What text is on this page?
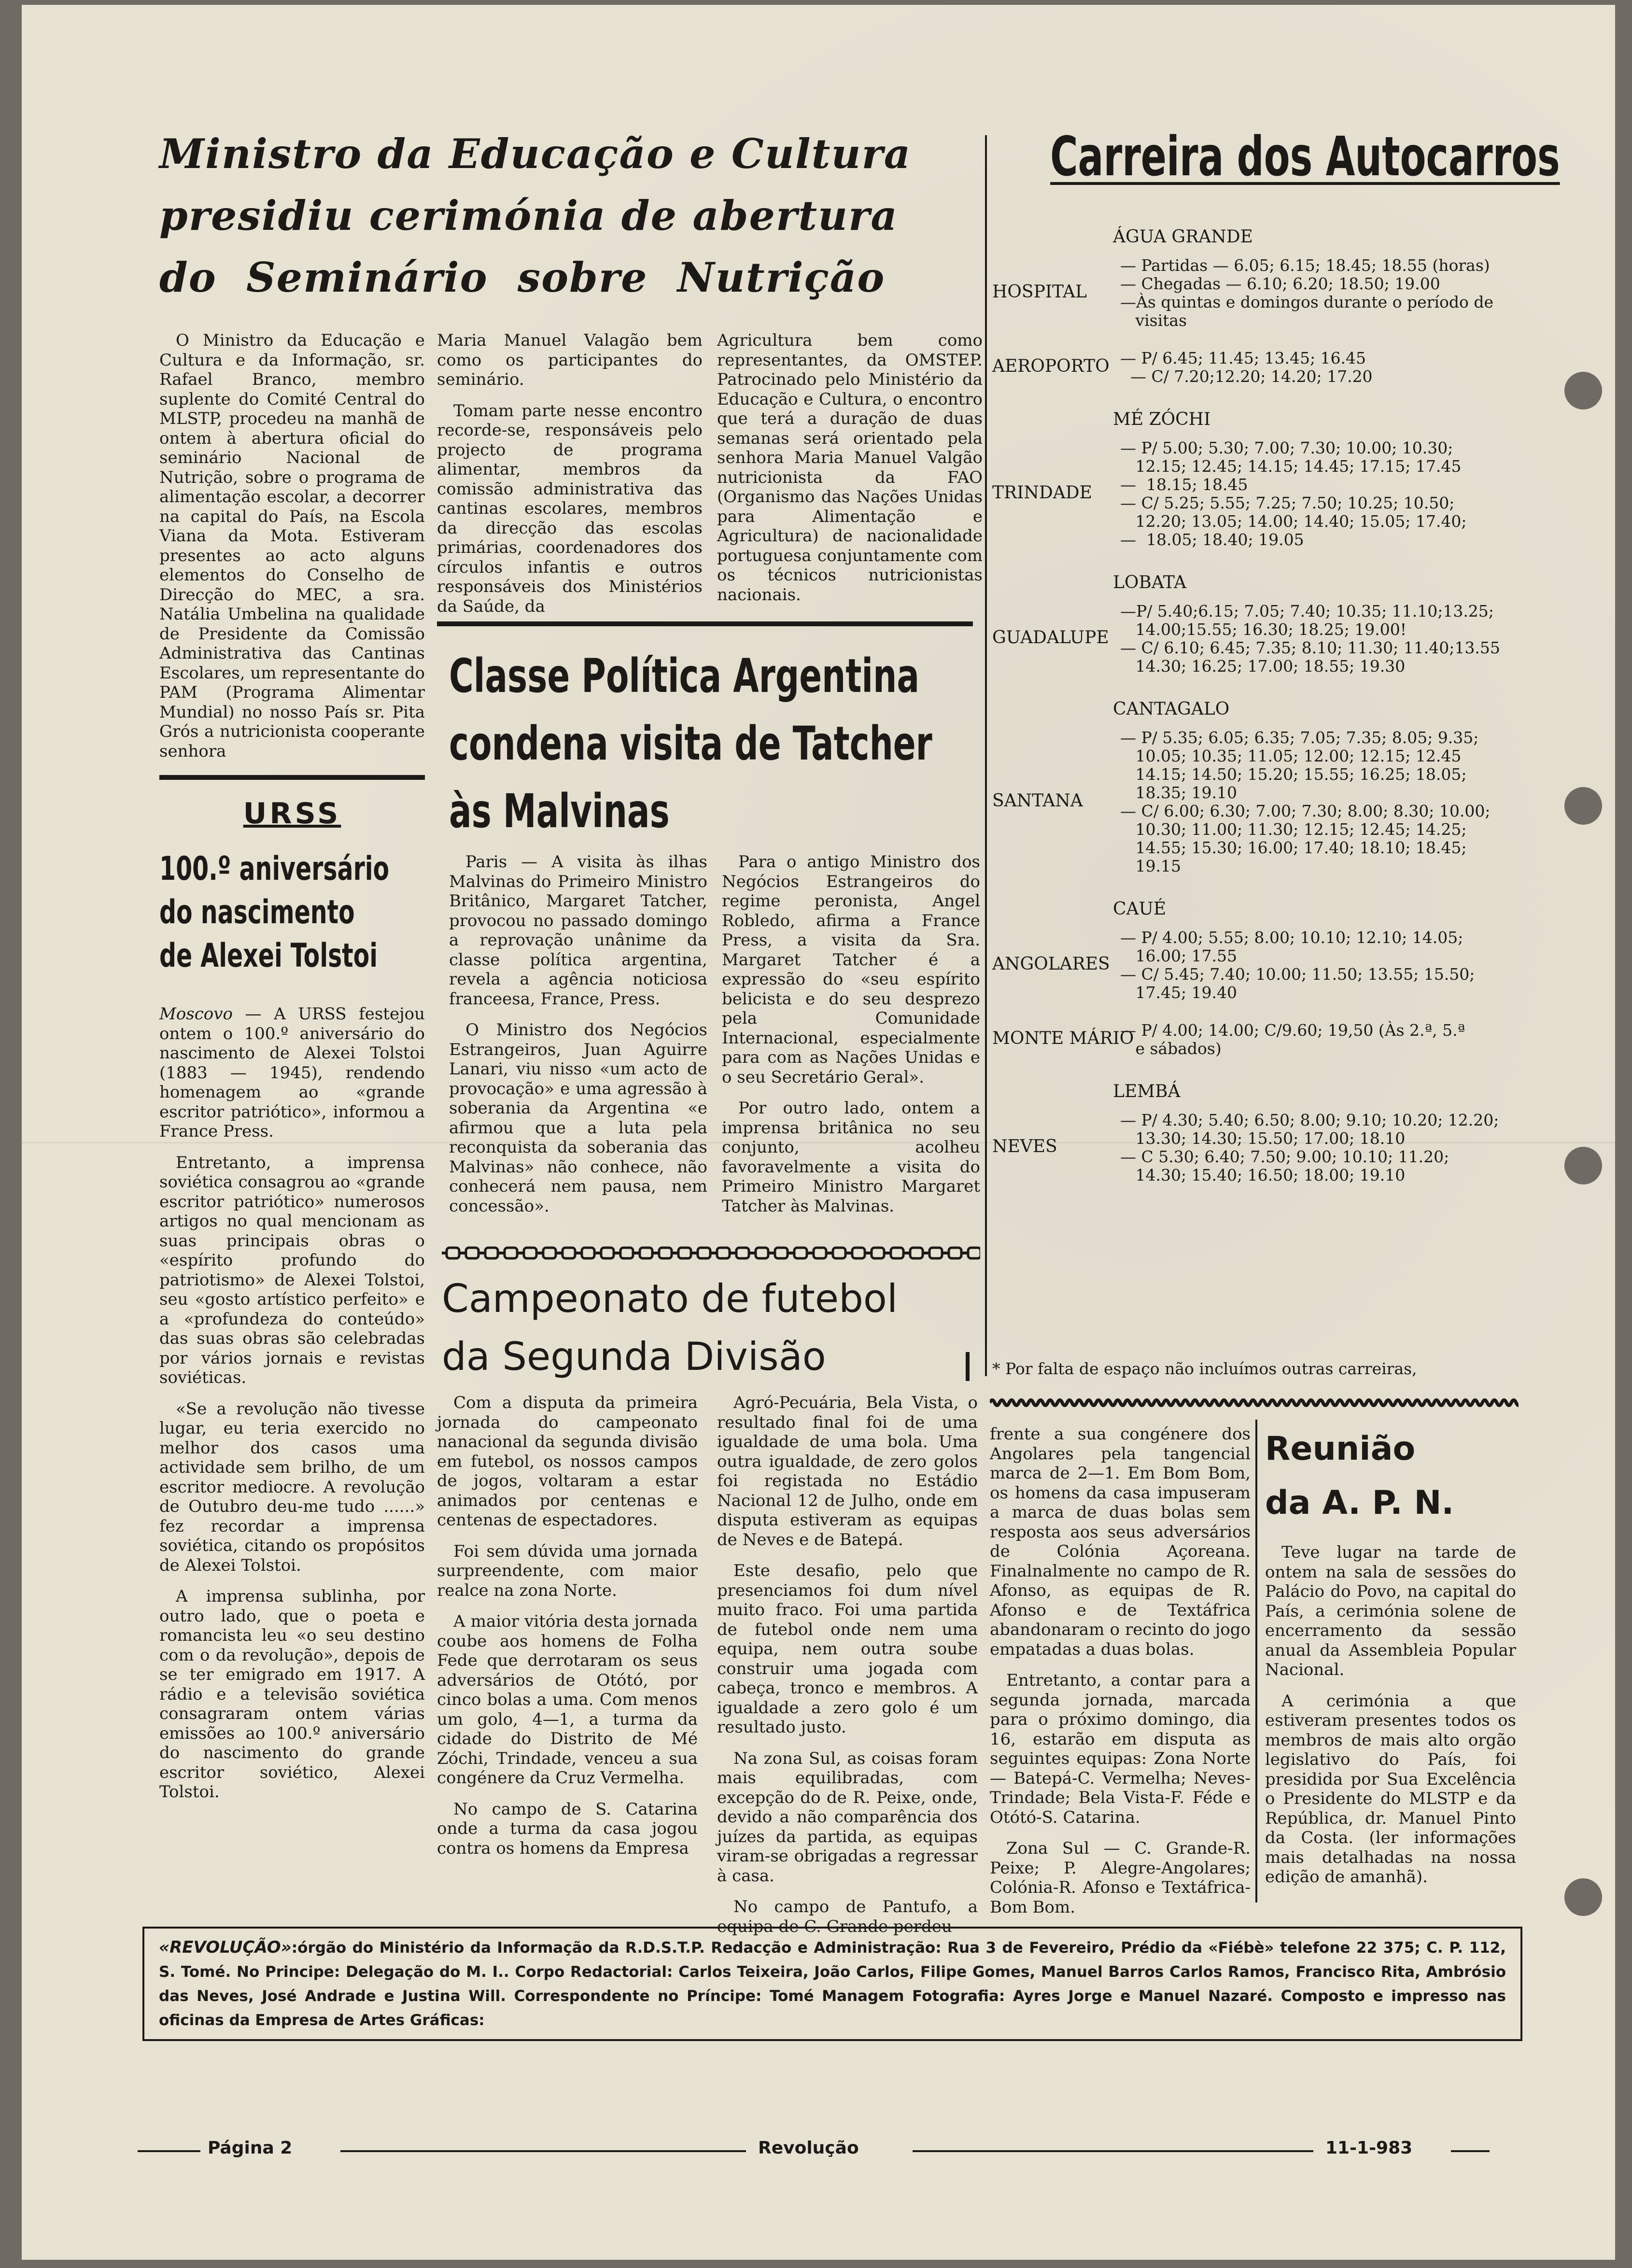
Ministro da Educação e Cultura
presidiu cerimónia de abertura
do Seminário sobre Nutrição

O Ministro da Educação e Cultura e da Informação, sr. Rafael Branco, membro suplente do Comité Central do MLSTP, procedeu na manhã de ontem à abertura oficial do seminário Nacional de Nutrição, sobre o programa de alimentação escolar, a decorrer na capital do País, na Escola Viana da Mota. Estiveram presentes ao acto alguns elementos do Conselho de Direcção do MEC, a sra. Natália Umbelina na qualidade de Presidente da Comissão Administrativa das Cantinas Escolares, um representante do PAM (Programa Alimentar Mundial) no nosso País sr. Pita Grós a nutricionista cooperante senhora

Maria Manuel Valagão bem como os participantes do seminário.

Tomam parte nesse encontro recorde-se, responsáveis pelo projecto de programa alimentar, membros da comissão administrativa das cantinas escolares, membros da direcção das escolas primárias, coordenadores dos círculos infantis e outros responsáveis dos Ministérios da Saúde, da

Agricultura bem como representantes, da OMSTEP. Patrocinado pelo Ministério da Educação e Cultura, o encontro que terá a duração de duas semanas será orientado pela senhora Maria Manuel Valgão nutricionista da FAO (Organismo das Nações Unidas para Alimentação e Agricultura) de nacionalidade portuguesa conjuntamente com os técnicos nutricionistas nacionais.

URSS
100.º aniversário
do nascimento
de Alexei Tolstoi

Moscovo — A URSS festejou ontem o 100.º aniversário do nascimento de Alexei Tolstoi (1883 — 1945), rendendo homenagem ao «grande escritor patriótico», informou a France Press.

Entretanto, a imprensa soviética consagrou ao «grande escritor patriótico» numerosos artigos no qual mencionam as suas principais obras o «espírito profundo do patriotismo» de Alexei Tolstoi, seu «gosto artístico perfeito» e a «profundeza do conteúdo» das suas obras são celebradas por vários jornais e revistas soviéticas.

«Se a revolução não tivesse lugar, eu teria exercido no melhor dos casos uma actividade sem brilho, de um escritor mediocre. A revolução de Outubro deu-me tudo ......» fez recordar a imprensa soviética, citando os propósitos de Alexei Tolstoi.

A imprensa sublinha, por outro lado, que o poeta e romancista leu «o seu destino com o da revolução», depois de se ter emigrado em 1917. A rádio e a televisão soviética consagraram ontem várias emissões ao 100.º aniversário do nascimento do grande escritor soviético, Alexei Tolstoi.

Classe Política Argentina
condena visita de Tatcher
às Malvinas

Paris — A visita às ilhas Malvinas do Primeiro Ministro Britânico, Margaret Tatcher, provocou no passado domingo a reprovação unânime da classe política argentina, revela a agência noticiosa franceesa, France, Press.

O Ministro dos Negócios Estrangeiros, Juan Aguirre Lanari, viu nisso «um acto de provocação» e uma agressão à soberania da Argentina «e afirmou que a luta pela reconquista da soberania das Malvinas» não conhece, não conhecerá nem pausa, nem concessão».

Para o antigo Ministro dos Negócios Estrangeiros do regime peronista, Angel Robledo, afirma a France Press, a visita da Sra. Margaret Tatcher é a expressão do «seu espírito belicista e do seu desprezo pela Comunidade Internacional, especialmente para com as Nações Unidas e o seu Secretário Geral».

Por outro lado, ontem a imprensa britânica no seu conjunto, acolheu favoravelmente a visita do Primeiro Ministro Margaret Tatcher às Malvinas.

Campeonato de futebol
da Segunda Divisão

Com a disputa da primeira jornada do campeonato nanacional da segunda divisão em futebol, os nossos campos de jogos, voltaram a estar animados por centenas e centenas de espectadores.

Foi sem dúvida uma jornada surpreendente, com maior realce na zona Norte.

A maior vitória desta jornada coube aos homens de Folha Fede que derrotaram os seus adversários de Otótó, por cinco bolas a uma. Com menos um golo, 4—1, a turma da cidade do Distrito de Mé Zóchi, Trindade, venceu a sua congénere da Cruz Vermelha.

No campo de S. Catarina onde a turma da casa jogou contra os homens da Empresa

Agró-Pecuária, Bela Vista, o resultado final foi de uma igualdade de uma bola. Uma outra igualdade, de zero golos foi registada no Estádio Nacional 12 de Julho, onde em disputa estiveram as equipas de Neves e de Batepá.

Este desafio, pelo que presenciamos foi dum nível muito fraco. Foi uma partida de futebol onde nem uma equipa, nem outra soube construir uma jogada com cabeça, tronco e membros. A igualdade a zero golo é um resultado justo.

Na zona Sul, as coisas foram mais equilibradas, com excepção do de R. Peixe, onde, devido a não comparência dos juízes da partida, as equipas viram-se obrigadas a regressar à casa.

No campo de Pantufo, a equipa de C. Grande perdeu

frente a sua congénere dos Angolares pela tangencial marca de 2—1. Em Bom Bom, os homens da casa impuseram a marca de duas bolas sem resposta aos seus adversários de Colónia Açoreana. Finalnalmente no campo de R. Afonso, as equipas de R. Afonso e de Textáfrica abandonaram o recinto do jogo empatadas a duas bolas.

Entretanto, a contar para a segunda jornada, marcada para o próximo domingo, dia 16, estarão em disputa as seguintes equipas: Zona Norte — Batepá-C. Vermelha; Neves-Trindade; Bela Vista-F. Féde e Otótó-S. Catarina.

Zona Sul — C. Grande-R. Peixe; P. Alegre-Angolares; Colónia-R. Afonso e Textáfrica-Bom Bom.

Carreira dos Autocarros
ÁGUA GRANDE
HOSPITAL
— Partidas — 6.05; 6.15; 18.45; 18.55 (horas)
— Chegadas — 6.10; 6.20; 18.50; 19.00
—Às quintas e domingos durante o período de
visitas
AEROPORTO — P/ 6.45; 11.45; 13.45; 16.45
— C/ 7.20;12.20; 14.20; 17.20
MÉ ZÓCHI
TRINDADE
— P/ 5.00; 5.30; 7.00; 7.30; 10.00; 10.30;
12.15; 12.45; 14.15; 14.45; 17.15; 17.45
—  18.15; 18.45
— C/ 5.25; 5.55; 7.25; 7.50; 10.25; 10.50;
12.20; 13.05; 14.00; 14.40; 15.05; 17.40;
—  18.05; 18.40; 19.05
LOBATA
GUADALUPE
—P/ 5.40;6.15; 7.05; 7.40; 10.35; 11.10;13.25;
14.00;15.55; 16.30; 18.25; 19.00!
— C/ 6.10; 6.45; 7.35; 8.10; 11.30; 11.40;13.55
14.30; 16.25; 17.00; 18.55; 19.30
CANTAGALO
SANTANA
— P/ 5.35; 6.05; 6.35; 7.05; 7.35; 8.05; 9.35;
10.05; 10.35; 11.05; 12.00; 12.15; 12.45
14.15; 14.50; 15.20; 15.55; 16.25; 18.05;
18.35; 19.10
— C/ 6.00; 6.30; 7.00; 7.30; 8.00; 8.30; 10.00;
10.30; 11.00; 11.30; 12.15; 12.45; 14.25;
14.55; 15.30; 16.00; 17.40; 18.10; 18.45;
19.15
CAUÉ
ANGOLARES
— P/ 4.00; 5.55; 8.00; 10.10; 12.10; 14.05;
16.00; 17.55
— C/ 5.45; 7.40; 10.00; 11.50; 13.55; 15.50;
17.45; 19.40
MONTE MÁRIO
— P/ 4.00; 14.00; C/9.60; 19,50 (Às 2.ª, 5.ª
e sábados)
LEMBÁ
NEVES
— P/ 4.30; 5.40; 6.50; 8.00; 9.10; 10.20; 12.20;
13.30; 14.30; 15.50; 17.00; 18.10
— C 5.30; 6.40; 7.50; 9.00; 10.10; 11.20;
14.30; 15.40; 16.50; 18.00; 19.10
* Por falta de espaço não incluímos outras carreiras,
Reunião
da A. P. N.

Teve lugar na tarde de ontem na sala de sessões do Palácio do Povo, na capital do País, a cerimónia solene de encerramento da sessão anual da Assembleia Popular Nacional.

A cerimónia a que estiveram presentes todos os membros de mais alto orgão legislativo do País, foi presidida por Sua Excelência o Presidente do MLSTP e da República, dr. Manuel Pinto da Costa. (ler informações mais detalhadas na nossa edição de amanhã).

«REVOLUÇÃO»:órgão do Ministério da Informação da R.D.S.T.P. Redacção e Administração: Rua 3 de Fevereiro, Prédio da «Fiébè» telefone 22 375; C. P. 112, S. Tomé. No Principe: Delegação do M. I.. Corpo Redactorial: Carlos Teixeira, João Carlos, Filipe Gomes, Manuel Barros Carlos Ramos, Francisco Rita, Ambrósio das Neves, José Andrade e Justina Will. Correspondente no Príncipe: Tomé Managem Fotografia: Ayres Jorge e Manuel Nazaré. Composto e impresso nas oficinas da Empresa de Artes Gráficas:
Página 2	Revolução	11-1-983
